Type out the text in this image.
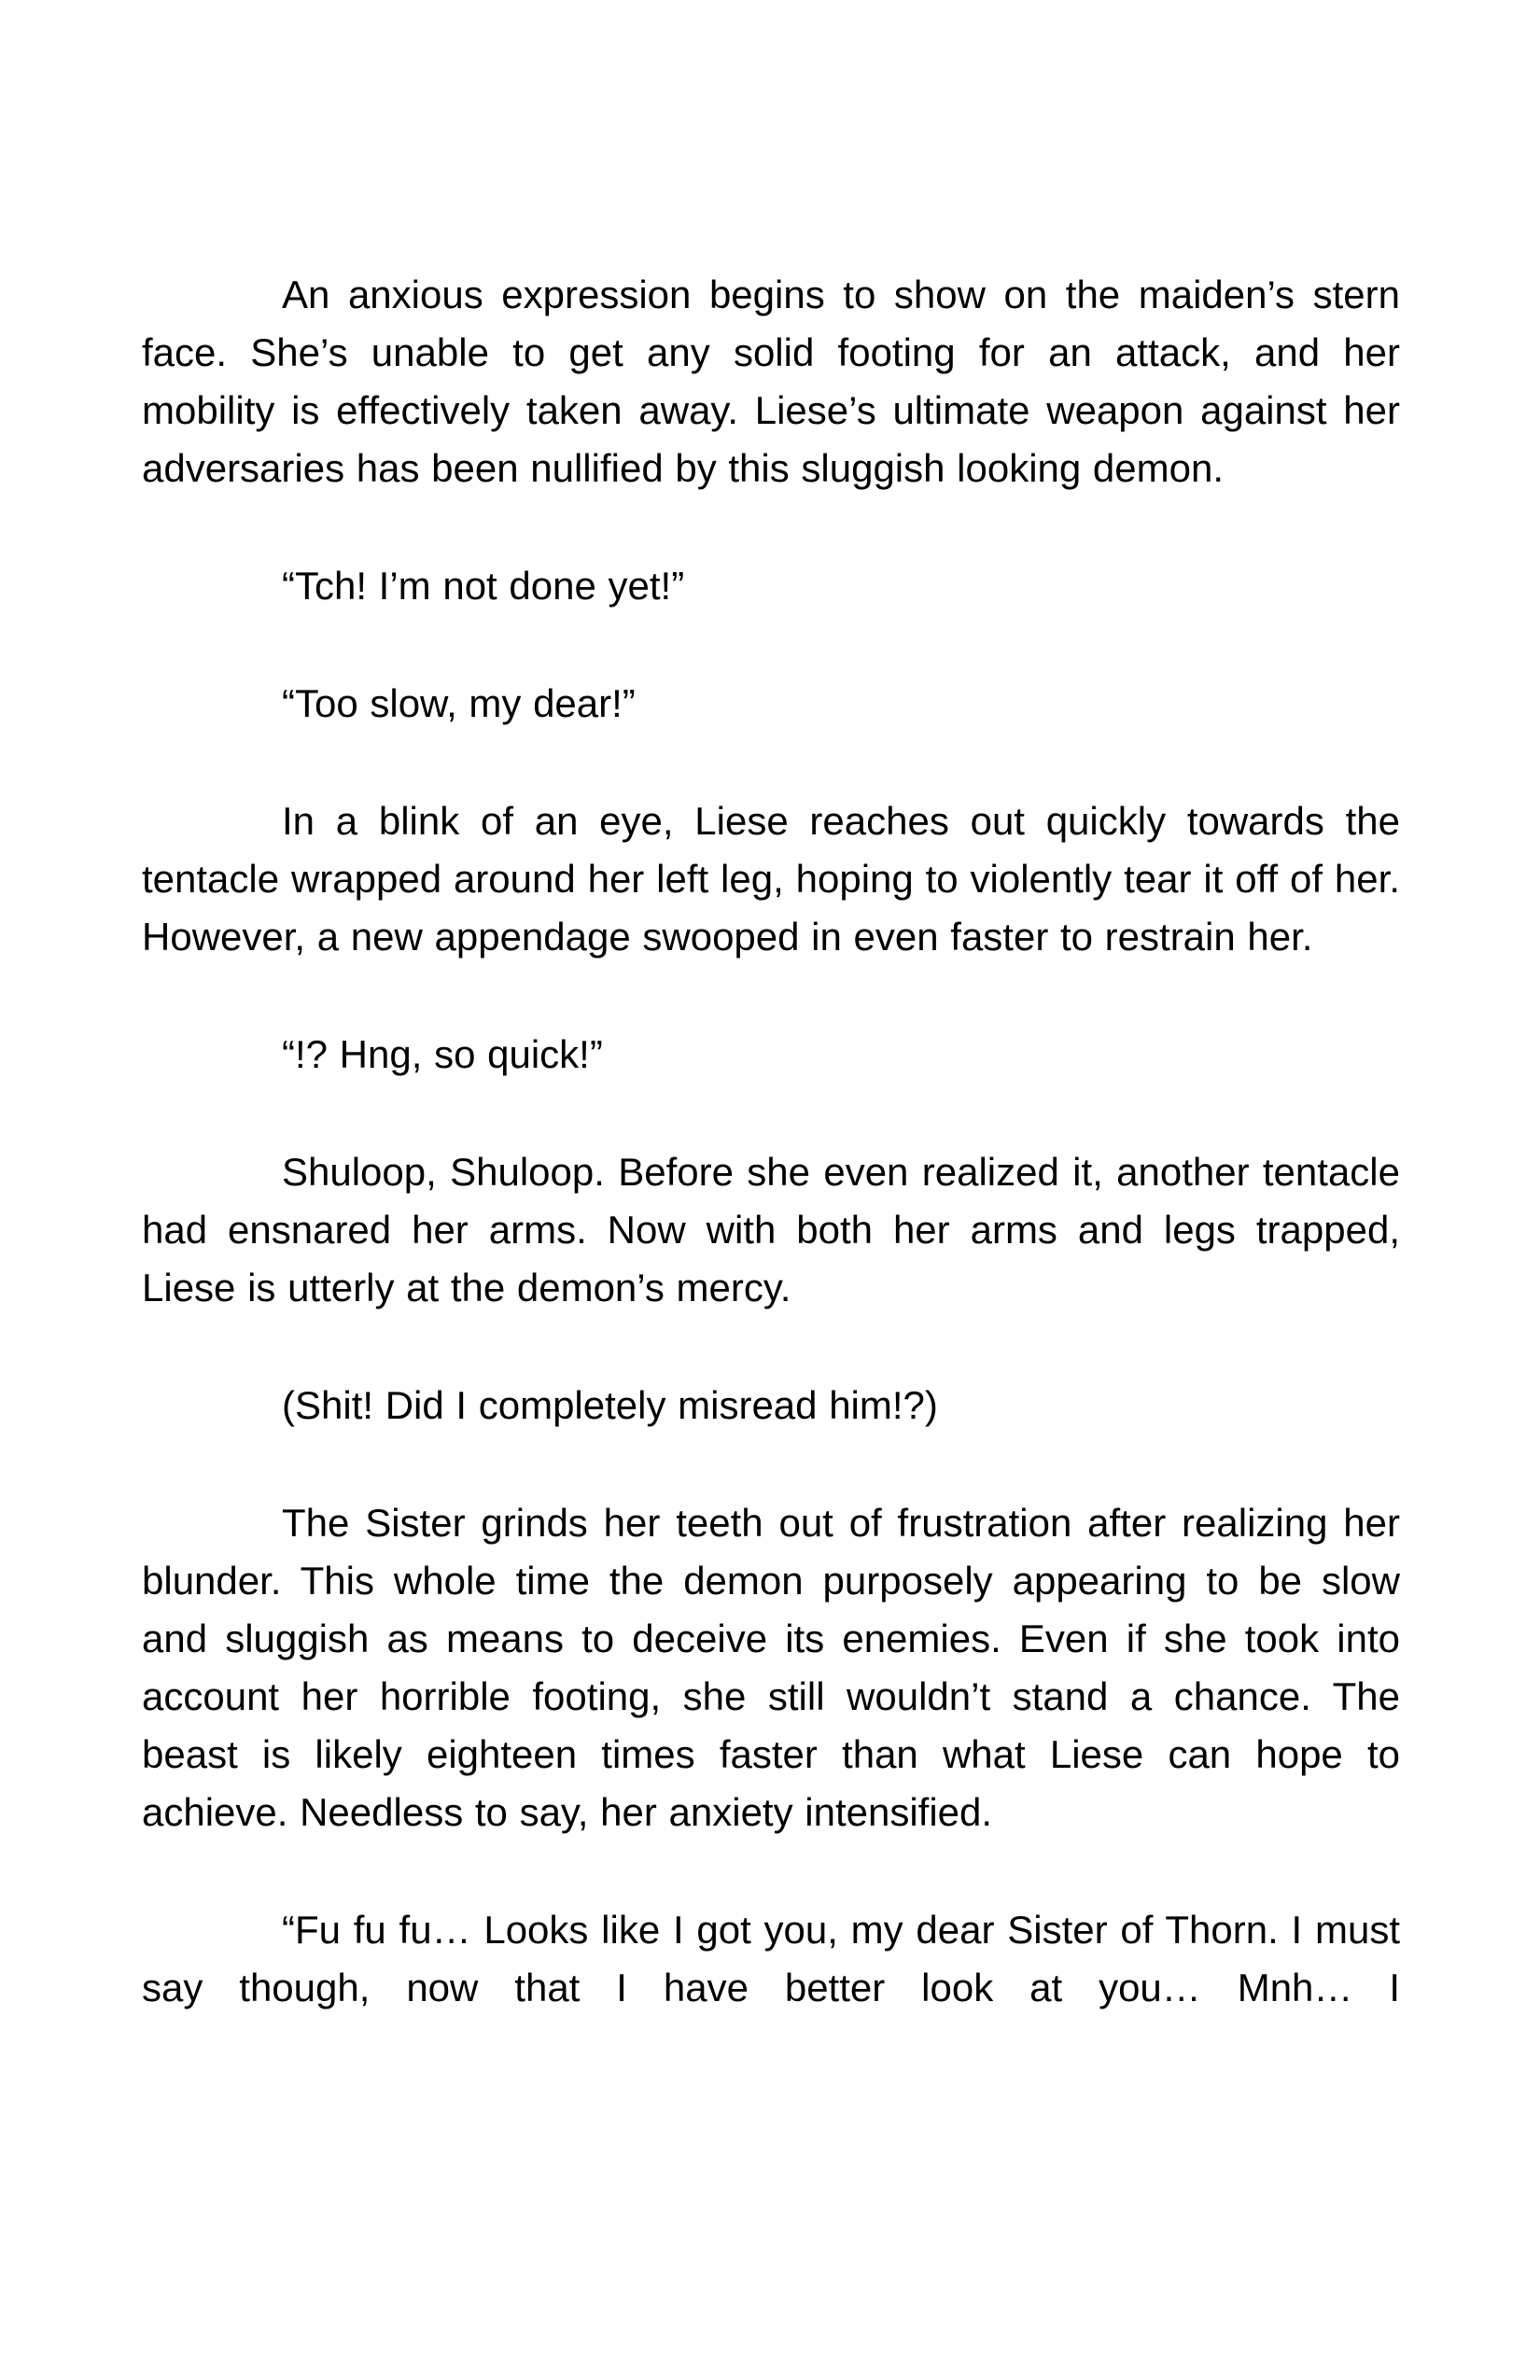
An anxious expression begins to show on the maiden’s stern face. She’s unable to get any solid footing for an attack, and her mobility is effectively taken away. Liese’s ultimate weapon against her adversaries has been nullified by this sluggish looking demon.

“Tch! I’m not done yet!”

“Too slow, my dear!”

In a blink of an eye, Liese reaches out quickly towards the tentacle wrapped around her left leg, hoping to violently tear it off of her. However, a new appendage swooped in even faster to restrain her.

“!? Hng, so quick!”

Shuloop, Shuloop. Before she even realized it, another tentacle had ensnared her arms. Now with both her arms and legs trapped, Liese is utterly at the demon’s mercy.

(Shit! Did I completely misread him!?)

The Sister grinds her teeth out of frustration after realizing her blunder. This whole time the demon purposely appearing to be slow and sluggish as means to deceive its enemies. Even if she took into account her horrible footing, she still wouldn’t stand a chance. The beast is likely eighteen times faster than what Liese can hope to achieve. Needless to say, her anxiety intensified.

“Fu fu fu… Looks like I got you, my dear Sister of Thorn. I must say though, now that I have better look at you… Mnh… I
